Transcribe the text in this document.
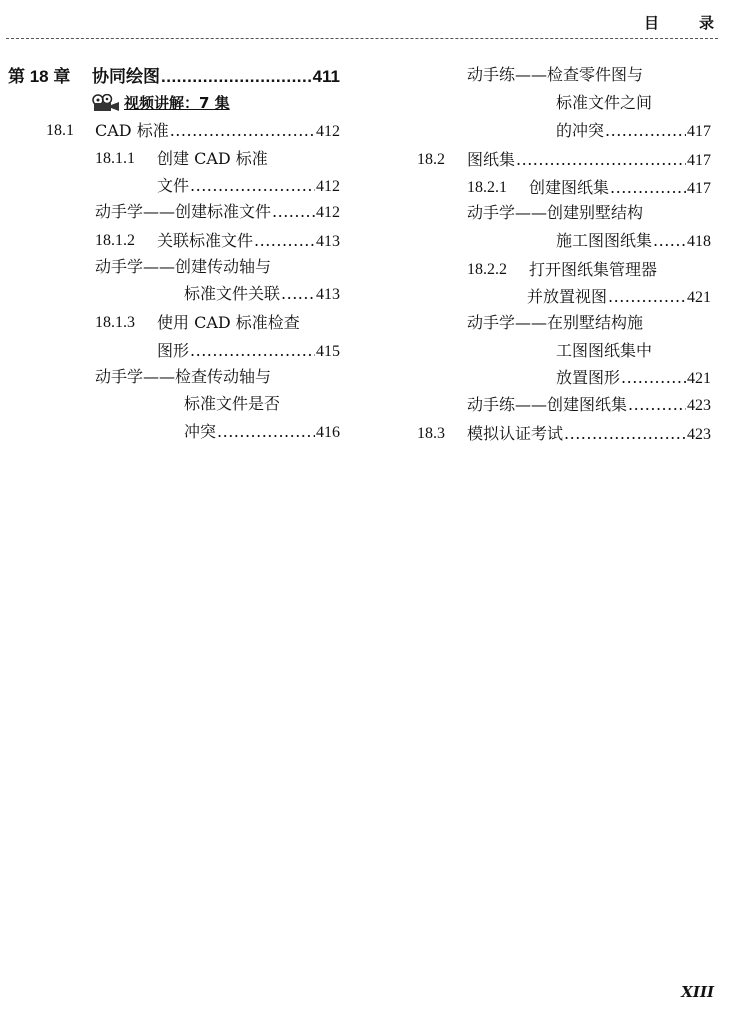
目	录
第 18 章 协同绘图 .....	411
视频讲解：7 集
18.1 CAD 标准 .....	412
18.1.1 创建 CAD 标准
文件 .....	412
动手学——创建标准文件 .....	412
18.1.2 关联标准文件 .....	413
动手学——创建传动轴与
标准文件关联 ..... 413
18.1.3 使用 CAD 标准检查
图形 .....	415
动手学——检查传动轴与
标准文件是否
冲突 .....	416
动手练——检查零件图与
标准文件之间
的冲突 .....	417
18.2 图纸集 .....	417
18.2.1 创建图纸集 .....	417
动手学——创建别墅结构
施工图图纸集 ..... 418
18.2.2 打开图纸集管理器
并放置视图 .....	421
动手学——在别墅结构施
工图图纸集中
放置图形 .....	421
动手练——创建图纸集 .....	423
18.3 模拟认证考试 .....	423
XIII
